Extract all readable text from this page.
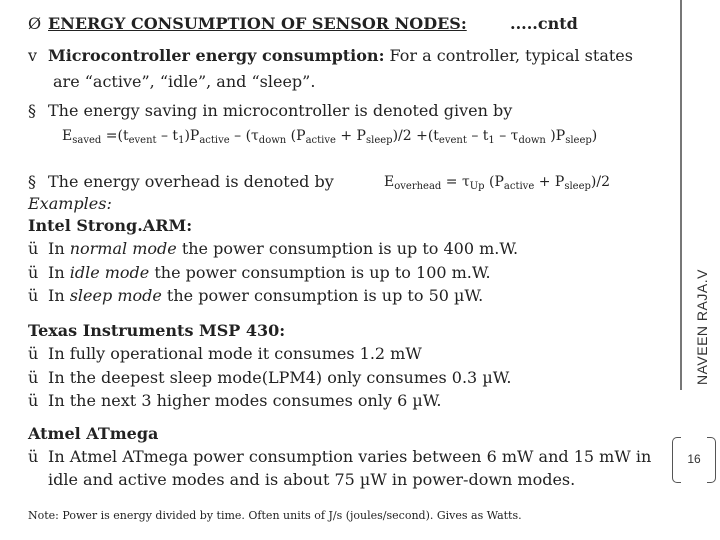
Ø ENERGY CONSUMPTION OF SENSOR NODES:	.....cntd
v Microcontroller energy consumption: For a controller, typical states
are “active”, “idle”, and “sleep”.
§ The energy saving in microcontroller is denoted given by
$E_{saved} =(t_{event} - t_1)P_{active} - (\tau_{down}$ $(P_{active} + P_{sleep})/2 +(t_{event} - t_1 - \tau_{down}$ )$P_{sleep}$)
§ The energy overhead is denoted by	$E_{overhead} = \tau_{Up}$ $(P_{active} + P_{sleep})/2$
Examples:
Intel Strong.ARM:
ü In normal mode the power consumption is up to 400 m.W.
ü In idle mode the power consumption is up to 100 m.W.
ü In sleep mode the power consumption is up to 50 µW.
Texas Instruments MSP 430:
ü In fully operational mode it consumes 1.2 mW
ü In the deepest sleep mode(LPM4) only consumes 0.3 µW.
ü In the next 3 higher modes consumes only 6 µW.
Atmel ATmega
ü In Atmel ATmega power consumption varies between 6 mW and 15 mW in
idle and active modes and is about 75 µW in power-down modes.
Note: Power is energy divided by time. Often units of J/s (joules/second). Gives as Watts.
NAVEEN RAJA.V
16
